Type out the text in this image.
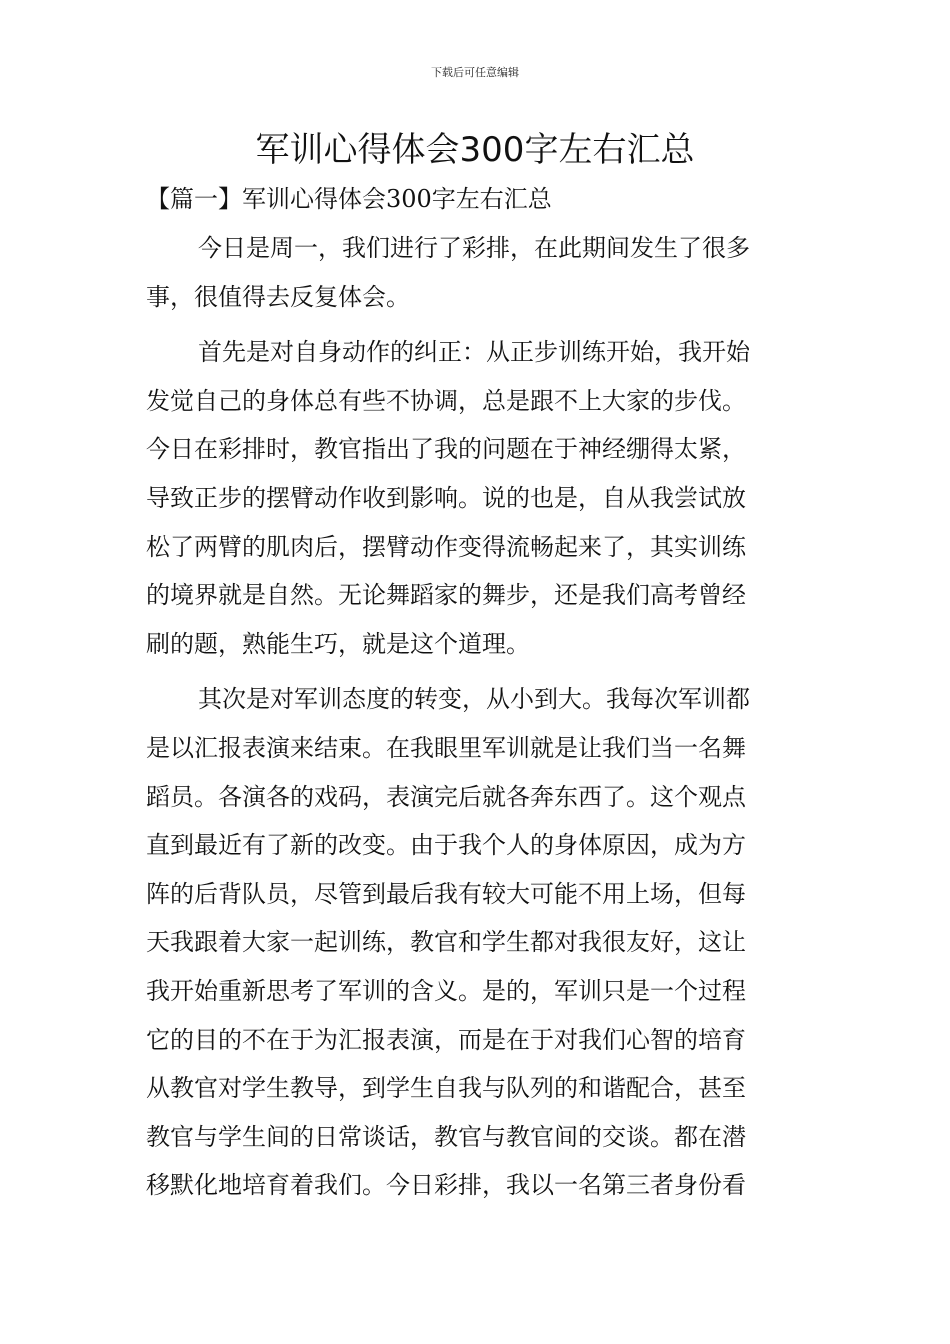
下载后可任意编辑
军训心得体会300字左右汇总
【篇一】军训心得体会300字左右汇总
今日是周一，我们进行了彩排，在此期间发生了很多
事，很值得去反复体会。
首先是对自身动作的纠正：从正步训练开始，我开始
发觉自己的身体总有些不协调，总是跟不上大家的步伐。
今日在彩排时，教官指出了我的问题在于神经绷得太紧，
导致正步的摆臂动作收到影响。说的也是，自从我尝试放
松了两臂的肌肉后，摆臂动作变得流畅起来了，其实训练
的境界就是自然。无论舞蹈家的舞步，还是我们高考曾经
刷的题，熟能生巧，就是这个道理。
其次是对军训态度的转变，从小到大。我每次军训都
是以汇报表演来结束。在我眼里军训就是让我们当一名舞
蹈员。各演各的戏码，表演完后就各奔东西了。这个观点
直到最近有了新的改变。由于我个人的身体原因，成为方
阵的后背队员，尽管到最后我有较大可能不用上场，但每
天我跟着大家一起训练，教官和学生都对我很友好，这让
我开始重新思考了军训的含义。是的，军训只是一个过程
它的目的不在于为汇报表演，而是在于对我们心智的培育
从教官对学生教导，到学生自我与队列的和谐配合，甚至
教官与学生间的日常谈话，教官与教官间的交谈。都在潜
移默化地培育着我们。今日彩排，我以一名第三者身份看
